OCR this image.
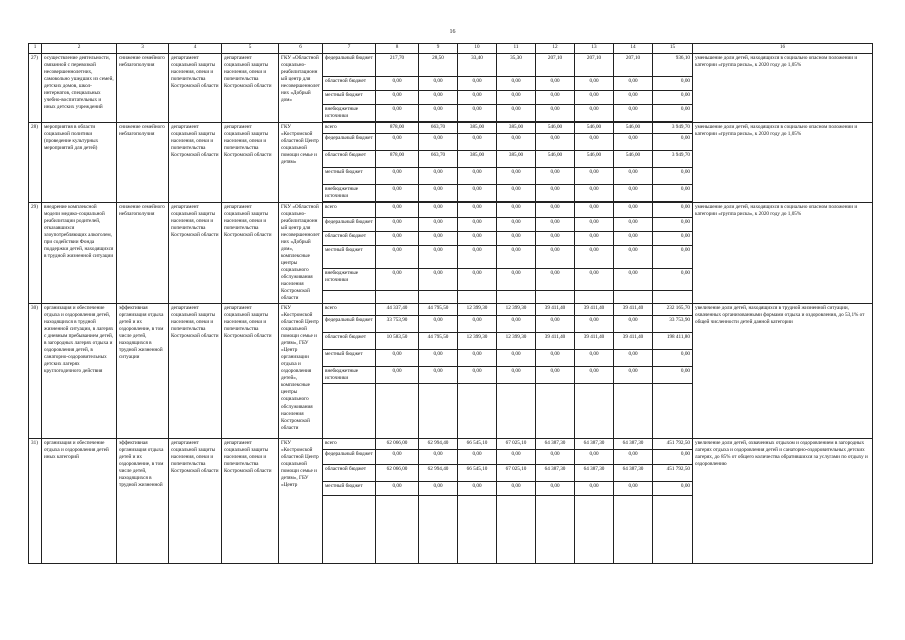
16
1	2	3	4	5	6	7	8	9	10	11	12	13	14	15	16
27)	осуществление деятельности, связанной с перевозкой несовершеннолетних, самовольно ушедших из семей, детских домов, школ-интернатов, специальных учебно-воспитательных и иных детских учреждений	снижение семейного неблагополучия	департамент социальной защиты населения, опеки и попечительства Костромской области	департамент социальной защиты населения, опеки и попечительства Костромской области	ГКУ «Областной социально-реабилитационный центр для несовершеннолетних «Добрый дом»	федеральный бюджет	217,70	28,50	33,40	35,30	207,10	207,10	207,10	936,10	уменьшение доли детей, находящихся в социально опасном положении и категории «группа риска», к 2020 году до 1,05%
						областной бюджет	0,00	0,00	0,00	0,00	0,00	0,00	0,00	0,00	
						местный бюджет	0,00	0,00	0,00	0,00	0,00	0,00	0,00	0,00	
						внебюджетные источники	0,00	0,00	0,00	0,00	0,00	0,00	0,00	0,00	

28)	мероприятия в области социальной политики (проведение культурных мероприятий для детей)	снижение семейного неблагополучия	департамент социальной защиты населения, опеки и попечительства Костромской области	департамент социальной защиты населения, опеки и попечительства Костромской области	ГКУ «Костромской областной Центр социальной помощи семье и детям»	всего	878,00	663,70	385,00	385,00	546,00	546,00	546,00	3 949,70	уменьшение доли детей, находящихся в социально опасном положении и категории «группа риска», к 2020 году до 1,05%
						федеральный бюджет	0,00	0,00	0,00	0,00	0,00	0,00	0,00	0,00	
						областной бюджет	878,00	663,70	385,00	385,00	546,00	546,00	546,00	3 949,70	
						местный бюджет	0,00	0,00	0,00	0,00	0,00	0,00	0,00	0,00	
						внебюджетные источники	0,00	0,00	0,00	0,00	0,00	0,00	0,00	0,00	

29)	внедрение комплексной модели медико-социальной реабилитации родителей, отказавшихся злоупотребляющих алкоголем, при содействии Фонда поддержки детей, находящихся в трудной жизненной ситуации	снижение семейного неблагополучия	департамент социальной защиты населения, опеки и попечительства Костромской области	департамент социальной защиты населения, опеки и попечительства Костромской области	ГКУ «Областной социально-реабилитационный центр для несовершеннолетних «Добрый дом», комплексные центры социального обслуживания населения Костромской области	всего	0,00	0,00	0,00	0,00	0,00	0,00	0,00	0,00	уменьшение доли детей, находящихся в социально опасном положении и категории «группа риска», к 2020 году до 1,05%
						федеральный бюджет	0,00	0,00	0,00	0,00	0,00	0,00	0,00	0,00	
						областной бюджет	0,00	0,00	0,00	0,00	0,00	0,00	0,00	0,00	
						местный бюджет	0,00	0,00	0,00	0,00	0,00	0,00	0,00	0,00	
						внебюджетные источники	0,00	0,00	0,00	0,00	0,00	0,00	0,00	0,00	

30)	организация и обеспечение отдыха и оздоровления детей, находящихся в трудной жизненной ситуации, в лагерях с дневным пребыванием детей, в загородных лагерях отдыха и оздоровления детей, в санаторно-оздоровительных детских лагерях круглогодичного действия	эффективная организация отдыха детей и их оздоровление, в том числе детей, находящихся в трудной жизненной ситуации	департамент социальной защиты населения, опеки и попечительства Костромской области	департамент социальной защиты населения, опеки и попечительства Костромской области	ГКУ «Костромской областной Центр социальной помощи семье и детям», ГБУ «Центр организации отдыха и оздоровления детей», комплексные центры социального обслуживания населения Костромской области	всего	44 337,40	44 795,50	12 399,30	12 399,30	39 411,40	39 411,40	39 411,40	232 165,70	увеличение доли детей, находящихся в трудной жизненной ситуации, охваченных организованными формами отдыха и оздоровления, до 53,1% от общей численности детей данной категории
						федеральный бюджет	33 753,90	0,00	0,00	0,00	0,00	0,00	0,00	33 753,90	
						областной бюджет	10 583,50	44 795,50	12 399,30	12 399,30	39 411,40	39 411,40	39 411,40	198 411,80	
						местный бюджет	0,00	0,00	0,00	0,00	0,00	0,00	0,00	0,00	
						внебюджетные источники	0,00	0,00	0,00	0,00	0,00	0,00	0,00	0,00	

31)	организация и обеспечение отдыха и оздоровления детей иных категорий	эффективная организация отдыха детей и их оздоровление, в том числе детей, находящихся в трудной жизненной	департамент социальной защиты населения, опеки и попечительства Костромской области	департамент социальной защиты населения, опеки и попечительства Костромской области	ГКУ «Костромской областной Центр социальной помощи семье и детям», ГБУ «Центр	всего	62 066,00	62 994,40	66 545,10	67 025,10	64 387,30	64 387,30	64 387,30	451 792,50	увеличение доли детей, охваченных отдыхом и оздоровлением в загородных лагерях отдыха и оздоровления детей и санаторно-оздоровительных детских лагерях, до 85% от общего количества обратившихся за услугами по отдыху и оздоровлению
						федеральный бюджет	0,00	0,00	0,00	0,00	0,00	0,00	0,00	0,00	
						областной бюджет	62 066,00	62 994,40	66 545,10	67 025,10	64 387,30	64 387,30	64 387,30	451 792,50	
						местный бюджет	0,00	0,00	0,00	0,00	0,00	0,00	0,00	0,00	
